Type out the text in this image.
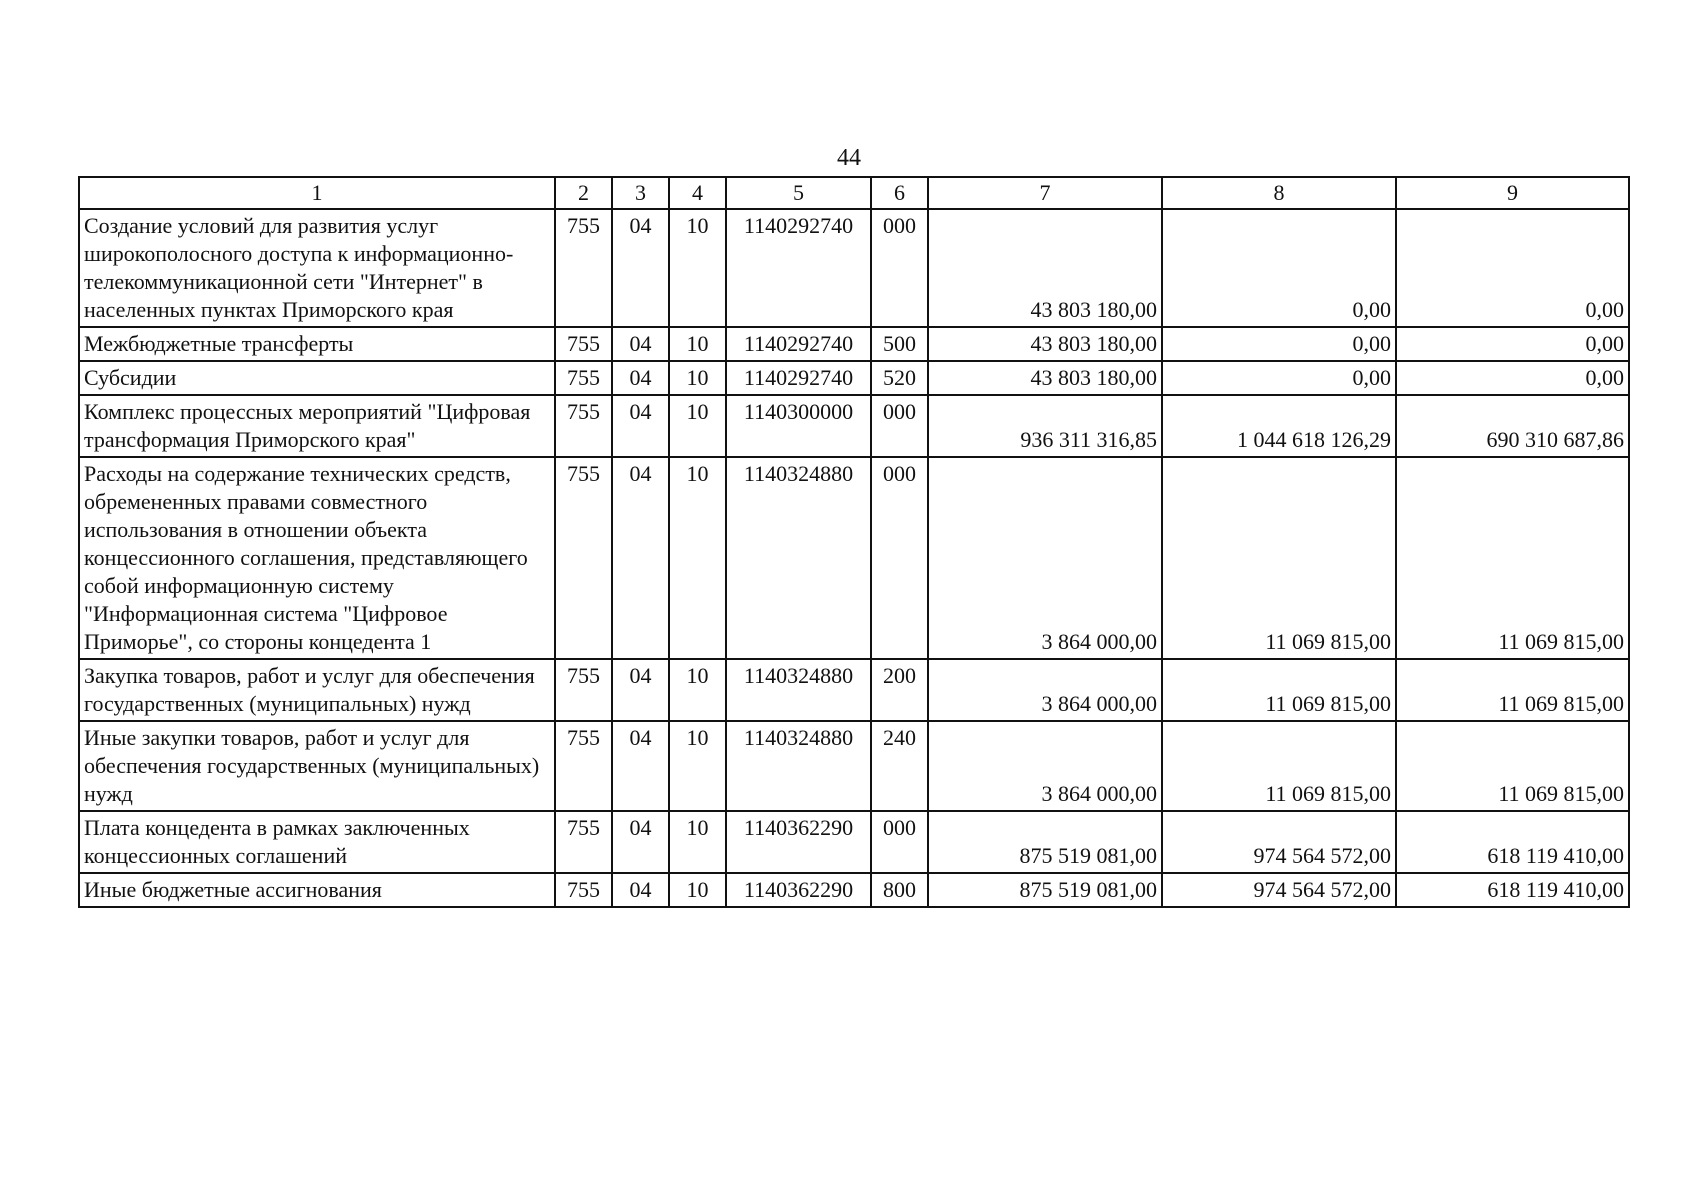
44
1	2	3	4	5	6	7	8	9
Создание условий для развития услуг широкополосного доступа к информационно-телекоммуникационной сети "Интернет" в населенных пунктах Приморского края	755	04	10	1140292740	000	43 803 180,00	0,00	0,00
Межбюджетные трансферты	755	04	10	1140292740	500	43 803 180,00	0,00	0,00
Субсидии	755	04	10	1140292740	520	43 803 180,00	0,00	0,00
Комплекс процессных мероприятий "Цифровая трансформация Приморского края"	755	04	10	1140300000	000	936 311 316,85	1 044 618 126,29	690 310 687,86
Расходы на содержание технических средств, обремененных правами совместного использования в отношении объекта концессионного соглашения, представляющего собой информационную систему "Информационная система "Цифровое Приморье", со стороны концедента 1	755	04	10	1140324880	000	3 864 000,00	11 069 815,00	11 069 815,00
Закупка товаров, работ и услуг для обеспечения государственных (муниципальных) нужд	755	04	10	1140324880	200	3 864 000,00	11 069 815,00	11 069 815,00
Иные закупки товаров, работ и услуг для обеспечения государственных (муниципальных) нужд	755	04	10	1140324880	240	3 864 000,00	11 069 815,00	11 069 815,00
Плата концедента в рамках заключенных концессионных соглашений	755	04	10	1140362290	000	875 519 081,00	974 564 572,00	618 119 410,00
Иные бюджетные ассигнования	755	04	10	1140362290	800	875 519 081,00	974 564 572,00	618 119 410,00
